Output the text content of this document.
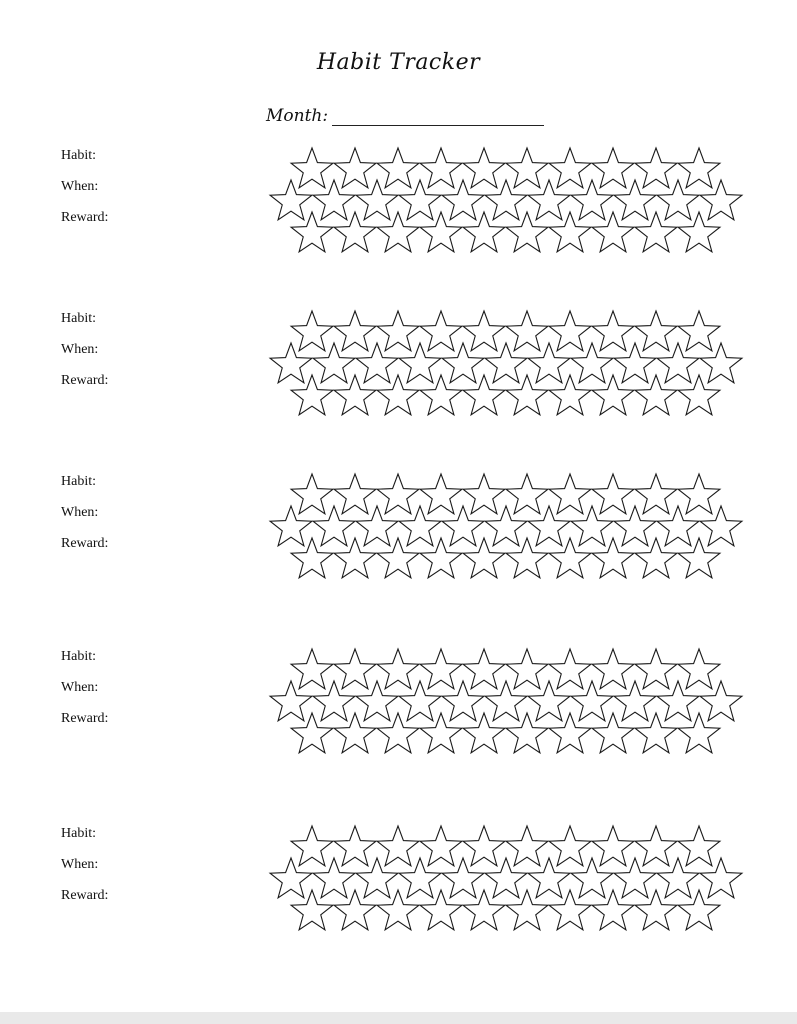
Habit Tracker
Month:
Habit:
When:
Reward:
Habit:
When:
Reward:
Habit:
When:
Reward:
Habit:
When:
Reward:
Habit:
When:
Reward:
